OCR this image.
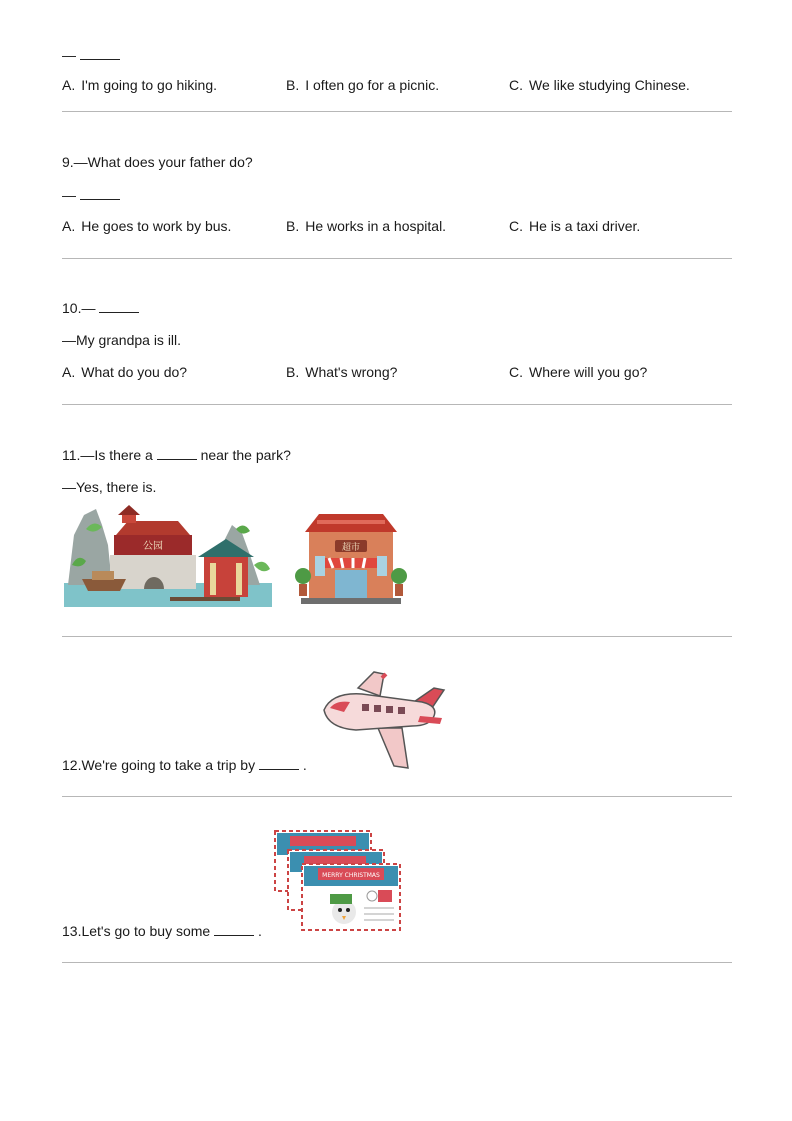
—
A. I'm going to go hiking.	B. I often go for a picnic.	C. We like studying Chinese.
9.—What does your father do?
—
A. He goes to work by bus.	B. He works in a hospital.	C. He is a taxi driver.
10.—
—My grandpa is ill.
A. What do you do?	B. What's wrong?	C. Where will you go?
11.—Is there a	near the park?
—Yes, there is.
公园	超市
12.We're going to take a trip by	.
MERRY CHRISTMAS
13.Let's go to buy some	.
